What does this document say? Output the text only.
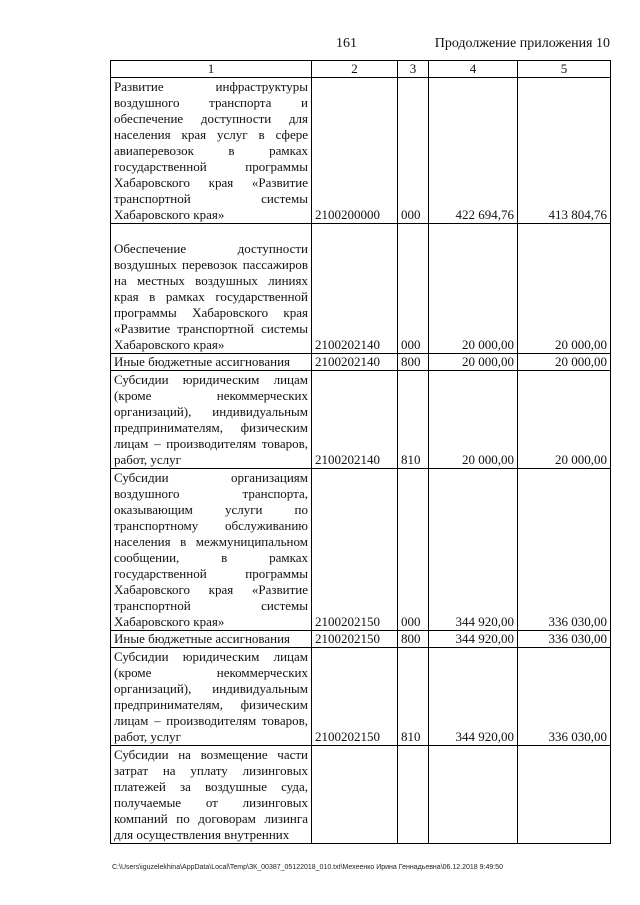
161	Продолжение приложения 10
1	2	3	4	5
Развитие инфраструктуры воздушного транспорта и обеспечение доступности для населения края услуг в сфере авиаперевозок в рамках государственной программы Хабаровского края «Развитие транспортной системы Хабаровского края»	2100200000	000	422 694,76	413 804,76
Обеспечение доступности воздушных перевозок пассажиров на местных воздушных линиях края в рамках государственной программы Хабаровского края «Развитие транспортной системы Хабаровского края»	2100202140	000	20 000,00	20 000,00
Иные бюджетные ассигнования	2100202140	800	20 000,00	20 000,00
Субсидии юридическим лицам (кроме некоммерческих организаций), индивидуальным предпринимателям, физическим лицам – производителям товаров, работ, услуг	2100202140	810	20 000,00	20 000,00
Субсидии организациям воздушного транспорта, оказывающим услуги по транспортному обслуживанию населения в межмуниципальном сообщении, в рамках государственной программы Хабаровского края «Развитие транспортной системы Хабаровского края»	2100202150	000	344 920,00	336 030,00
Иные бюджетные ассигнования	2100202150	800	344 920,00	336 030,00
Субсидии юридическим лицам (кроме некоммерческих организаций), индивидуальным предпринимателям, физическим лицам – производителям товаров, работ, услуг	2100202150	810	344 920,00	336 030,00
Субсидии на возмещение части затрат на уплату лизинговых платежей за воздушные суда, получаемые от лизинговых компаний по договорам лизинга для осуществления внутренних				
C:\Users\iguzelekhina\AppData\Local\Temp\ЗК_00387_05122018_010.txt\Мехеенко Ирина Геннадьевна\06.12.2018 9:49:50
